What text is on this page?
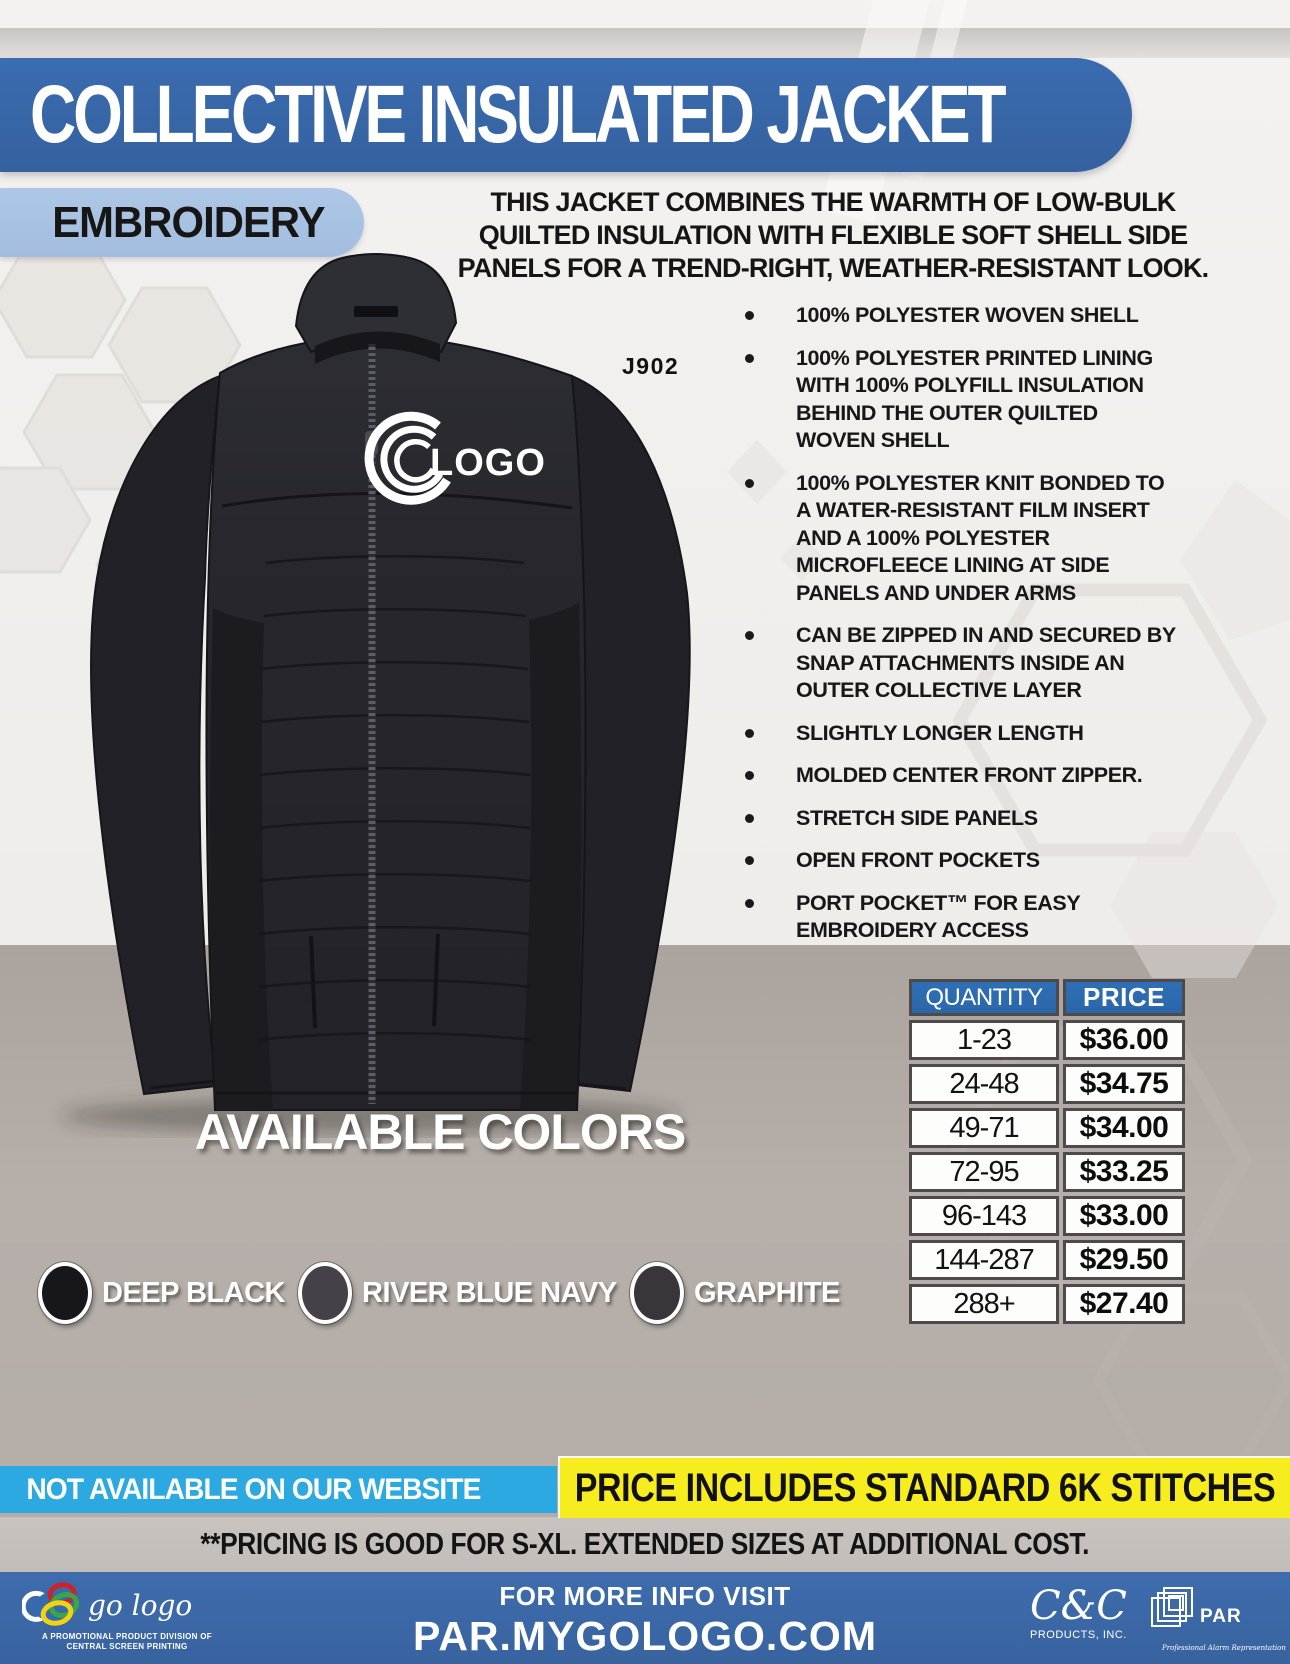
COLLECTIVE INSULATED JACKET
EMBROIDERY	THIS JACKET COMBINES THE WARMTH OF LOW-BULK QUILTED INSULATION WITH FLEXIBLE SOFT SHELL SIDE PANELS FOR A TREND-RIGHT, WEATHER-RESISTANT LOOK.

LOGO
J902
100% POLYESTER WOVEN SHELL
100% POLYESTER PRINTED LINING WITH 100% POLYFILL INSULATION BEHIND THE OUTER QUILTED WOVEN SHELL
100% POLYESTER KNIT BONDED TO A WATER-RESISTANT FILM INSERT AND A 100% POLYESTER MICROFLEECE LINING AT SIDE PANELS AND UNDER ARMS
CAN BE ZIPPED IN AND SECURED BY SNAP ATTACHMENTS INSIDE AN OUTER COLLECTIVE LAYER
SLIGHTLY LONGER LENGTH
MOLDED CENTER FRONT ZIPPER.
STRETCH SIDE PANELS
OPEN FRONT POCKETS
PORT POCKET™ FOR EASY EMBROIDERY ACCESS
QUANTITY	PRICE
1-23	$36.00
24-48	$34.75
49-71	$34.00
72-95	$33.25
96-143	$33.00
144-287	$29.50
288+	$27.40
AVAILABLE COLORS
DEEP BLACK	RIVER BLUE NAVY	GRAPHITE
NOT AVAILABLE ON OUR WEBSITE PRICE INCLUDES STANDARD 6K STITCHES

**PRICING IS GOOD FOR S-XL. EXTENDED SIZES AT ADDITIONAL COST.

FOR MORE INFO VISIT
PAR.MYGOLOGO.COM
go logo
A PROMOTIONAL PRODUCT DIVISION OF
CENTRAL SCREEN PRINTING
C&C
PRODUCTS, INC.
PAR
Professional Alarm Representation
